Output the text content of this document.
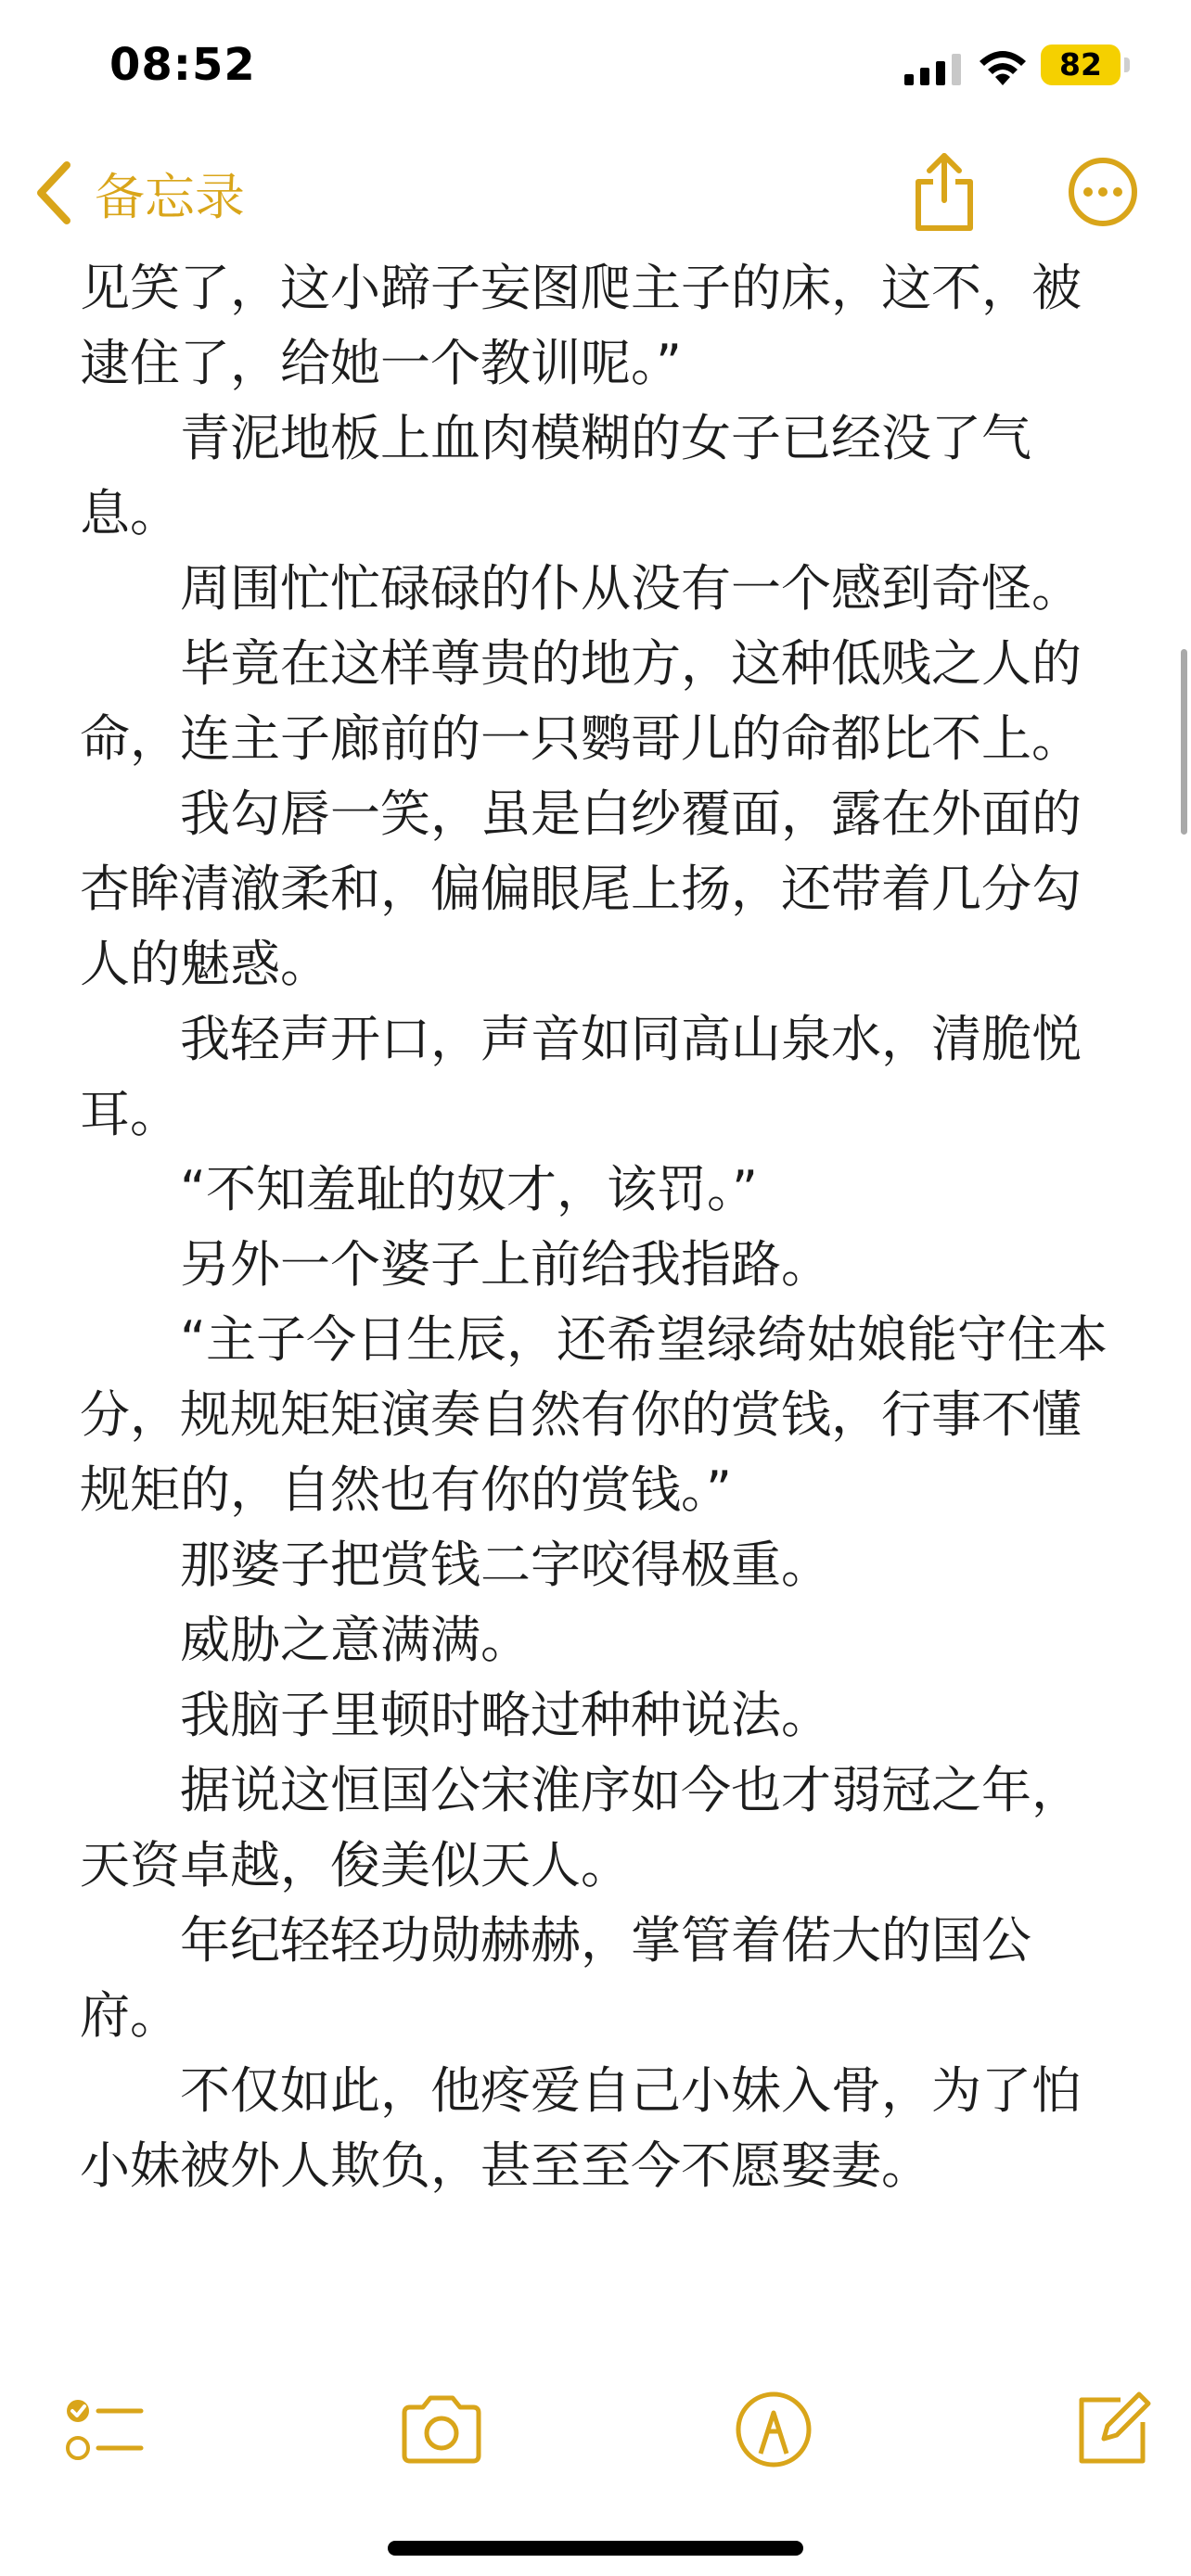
08:52	82
备忘录

见笑了，这小蹄子妄图爬主子的床，这不，被逮住了，给她一个教训呢。”

青泥地板上血肉模糊的女子已经没了气息。

周围忙忙碌碌的仆从没有一个感到奇怪。

毕竟在这样尊贵的地方，这种低贱之人的命，连主子廊前的一只鹦哥儿的命都比不上。

我勾唇一笑，虽是白纱覆面，露在外面的杏眸清澈柔和，偏偏眼尾上扬，还带着几分勾人的魅惑。

我轻声开口，声音如同高山泉水，清脆悦耳。

“不知羞耻的奴才，该罚。”

另外一个婆子上前给我指路。

“主子今日生辰，还希望绿绮姑娘能守住本分，规规矩矩演奏自然有你的赏钱，行事不懂规矩的，自然也有你的赏钱。”

那婆子把赏钱二字咬得极重。

威胁之意满满。

我脑子里顿时略过种种说法。

据说这恒国公宋淮序如今也才弱冠之年，天资卓越，俊美似天人。

年纪轻轻功勋赫赫，掌管着偌大的国公府。

不仅如此，他疼爱自己小妹入骨，为了怕小妹被外人欺负，甚至至今不愿娶妻。
